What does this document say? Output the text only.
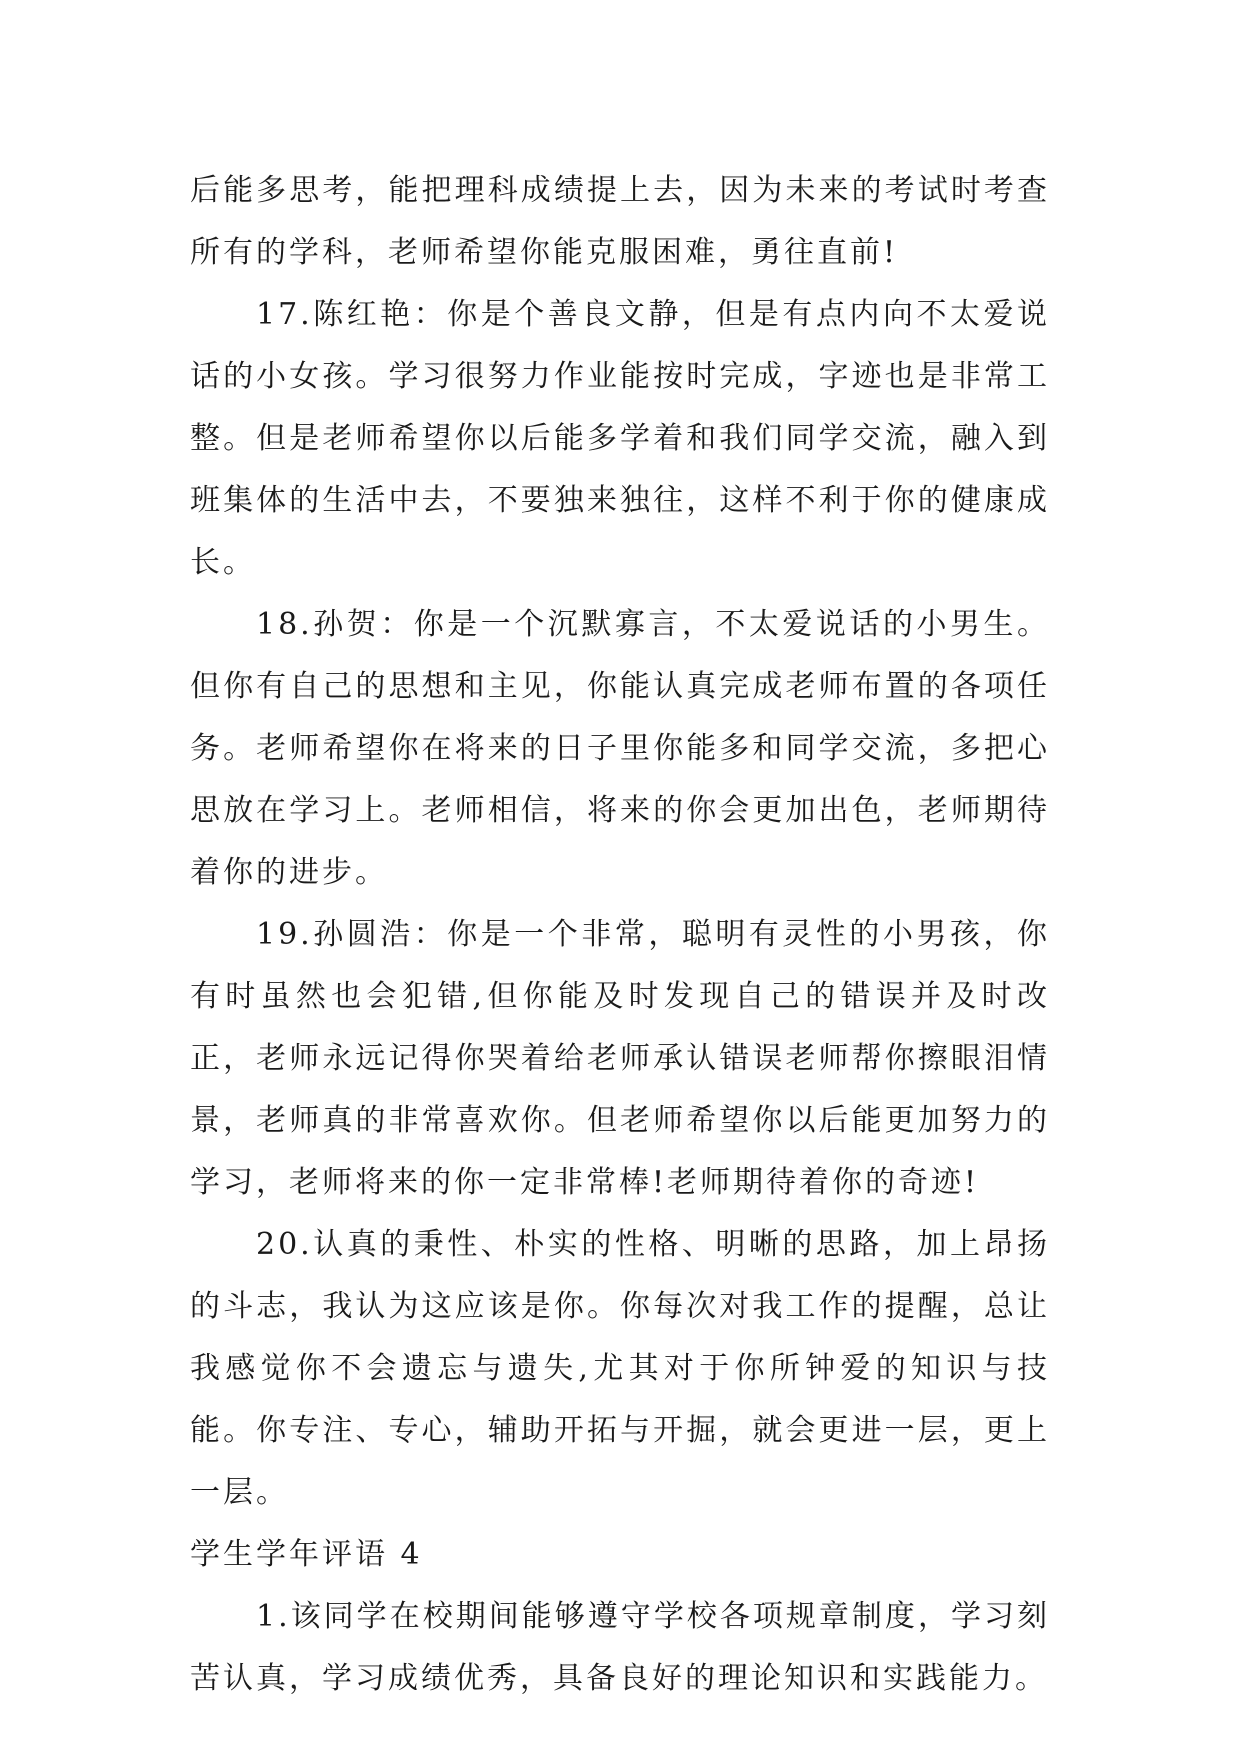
后能多思考，能把理科成绩提上去，因为未来的考试时考查所有的学科，老师希望你能克服困难，勇往直前!

17.陈红艳：你是个善良文静，但是有点内向不太爱说话的小女孩。学习很努力作业能按时完成，字迹也是非常工整。但是老师希望你以后能多学着和我们同学交流，融入到班集体的生活中去，不要独来独往，这样不利于你的健康成长。

18.孙贺：你是一个沉默寡言，不太爱说话的小男生。但你有自己的思想和主见，你能认真完成老师布置的各项任务。老师希望你在将来的日子里你能多和同学交流，多把心思放在学习上。老师相信，将来的你会更加出色，老师期待着你的进步。

19.孙圆浩：你是一个非常，聪明有灵性的小男孩，你有时虽然也会犯错,但你能及时发现自己的错误并及时改正，老师永远记得你哭着给老师承认错误老师帮你擦眼泪情景，老师真的非常喜欢你。但老师希望你以后能更加努力的学习，老师将来的你一定非常棒!老师期待着你的奇迹!

20.认真的秉性、朴实的性格、明晰的思路，加上昂扬的斗志，我认为这应该是你。你每次对我工作的提醒，总让我感觉你不会遗忘与遗失,尤其对于你所钟爱的知识与技能。你专注、专心，辅助开拓与开掘，就会更进一层，更上一层。

学生学年评语 4

1.该同学在校期间能够遵守学校各项规章制度，学习刻苦认真，学习成绩优秀，具备良好的理论知识和实践能力。
